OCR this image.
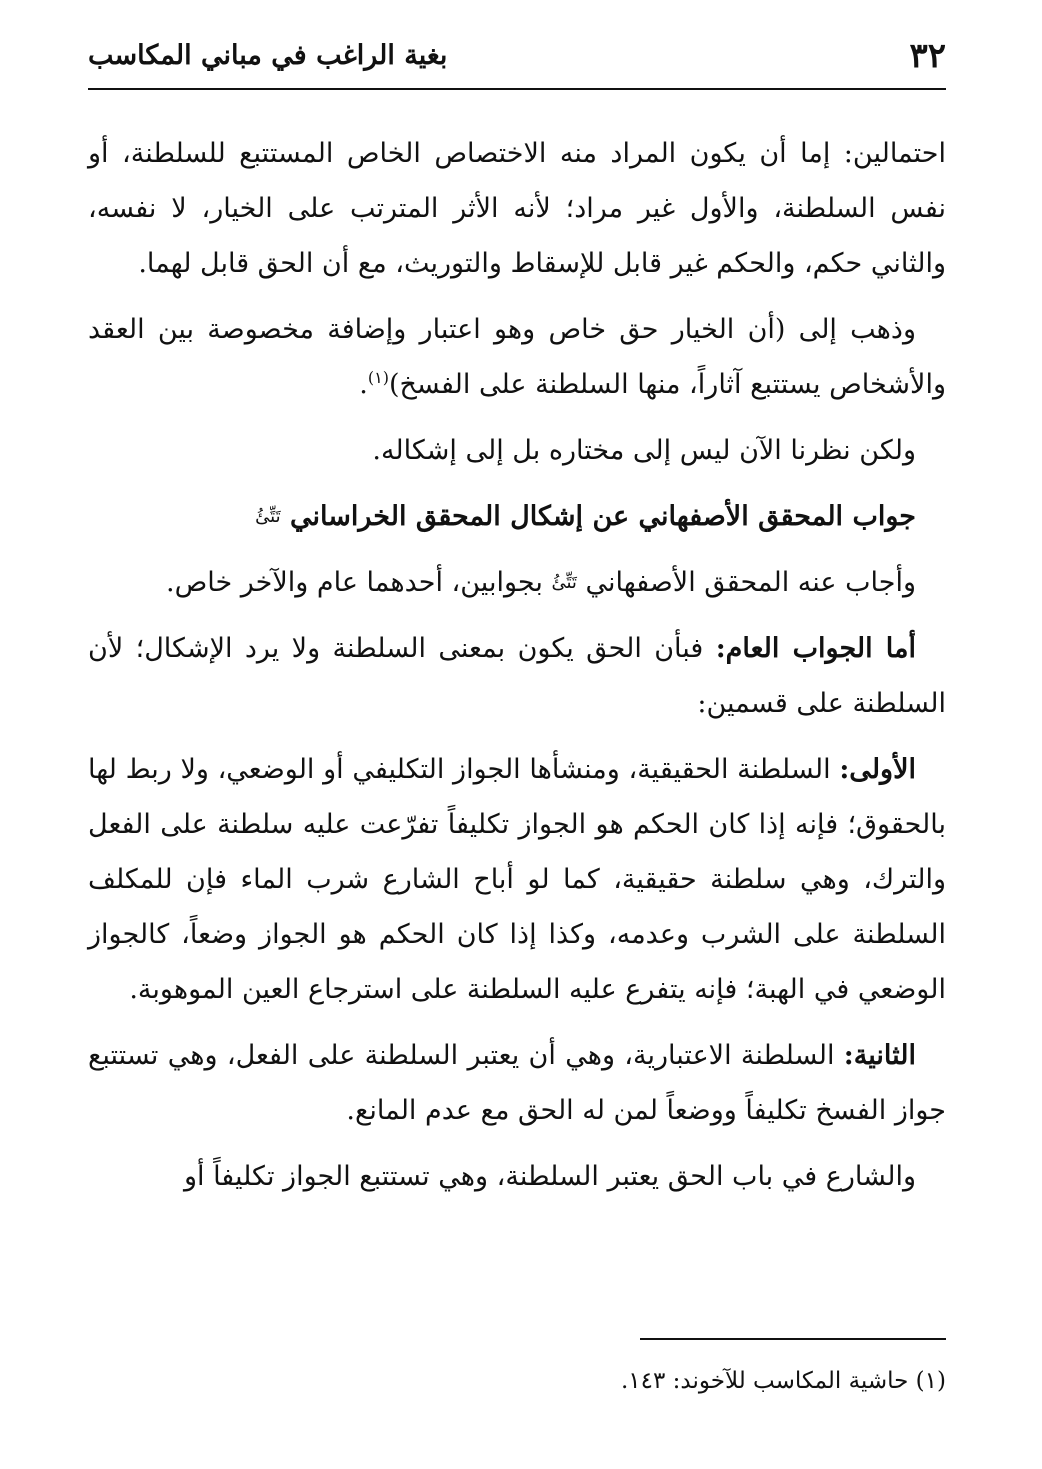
٣٢
بغية الراغب في مباني المكاسب

احتمالين: إما أن يكون المراد منه الاختصاص الخاص المستتبع للسلطنة، أو نفس السلطنة، والأول غير مراد؛ لأنه الأثر المترتب على الخيار، لا نفسه، والثاني حكم، والحكم غير قابل للإسقاط والتوريث، مع أن الحق قابل لهما.

وذهب إلى (أن الخيار حق خاص وهو اعتبار وإضافة مخصوصة بين العقد والأشخاص يستتبع آثاراً، منها السلطنة على الفسخ)$^{(١)}$.

ولكن نظرنا الآن ليس إلى مختاره بل إلى إشكاله.

جواب المحقق الأصفهاني عن إشكال المحقق الخراساني $^{تَتِّئُ}$

وأجاب عنه المحقق الأصفهاني $^{تَتِّئُ}$ بجوابين، أحدهما عام والآخر خاص.

أما الجواب العام: فبأن الحق يكون بمعنى السلطنة ولا يرد الإشكال؛ لأن السلطنة على قسمين:

الأولى: السلطنة الحقيقية، ومنشأها الجواز التكليفي أو الوضعي، ولا ربط لها بالحقوق؛ فإنه إذا كان الحكم هو الجواز تكليفاً تفرّعت عليه سلطنة على الفعل والترك، وهي سلطنة حقيقية، كما لو أباح الشارع شرب الماء فإن للمكلف السلطنة على الشرب وعدمه، وكذا إذا كان الحكم هو الجواز وضعاً، كالجواز الوضعي في الهبة؛ فإنه يتفرع عليه السلطنة على استرجاع العين الموهوبة.

الثانية: السلطنة الاعتبارية، وهي أن يعتبر السلطنة على الفعل، وهي تستتبع جواز الفسخ تكليفاً ووضعاً لمن له الحق مع عدم المانع.

والشارع في باب الحق يعتبر السلطنة، وهي تستتبع الجواز تكليفاً أو

(١) حاشية المكاسب للآخوند: ١٤٣.
